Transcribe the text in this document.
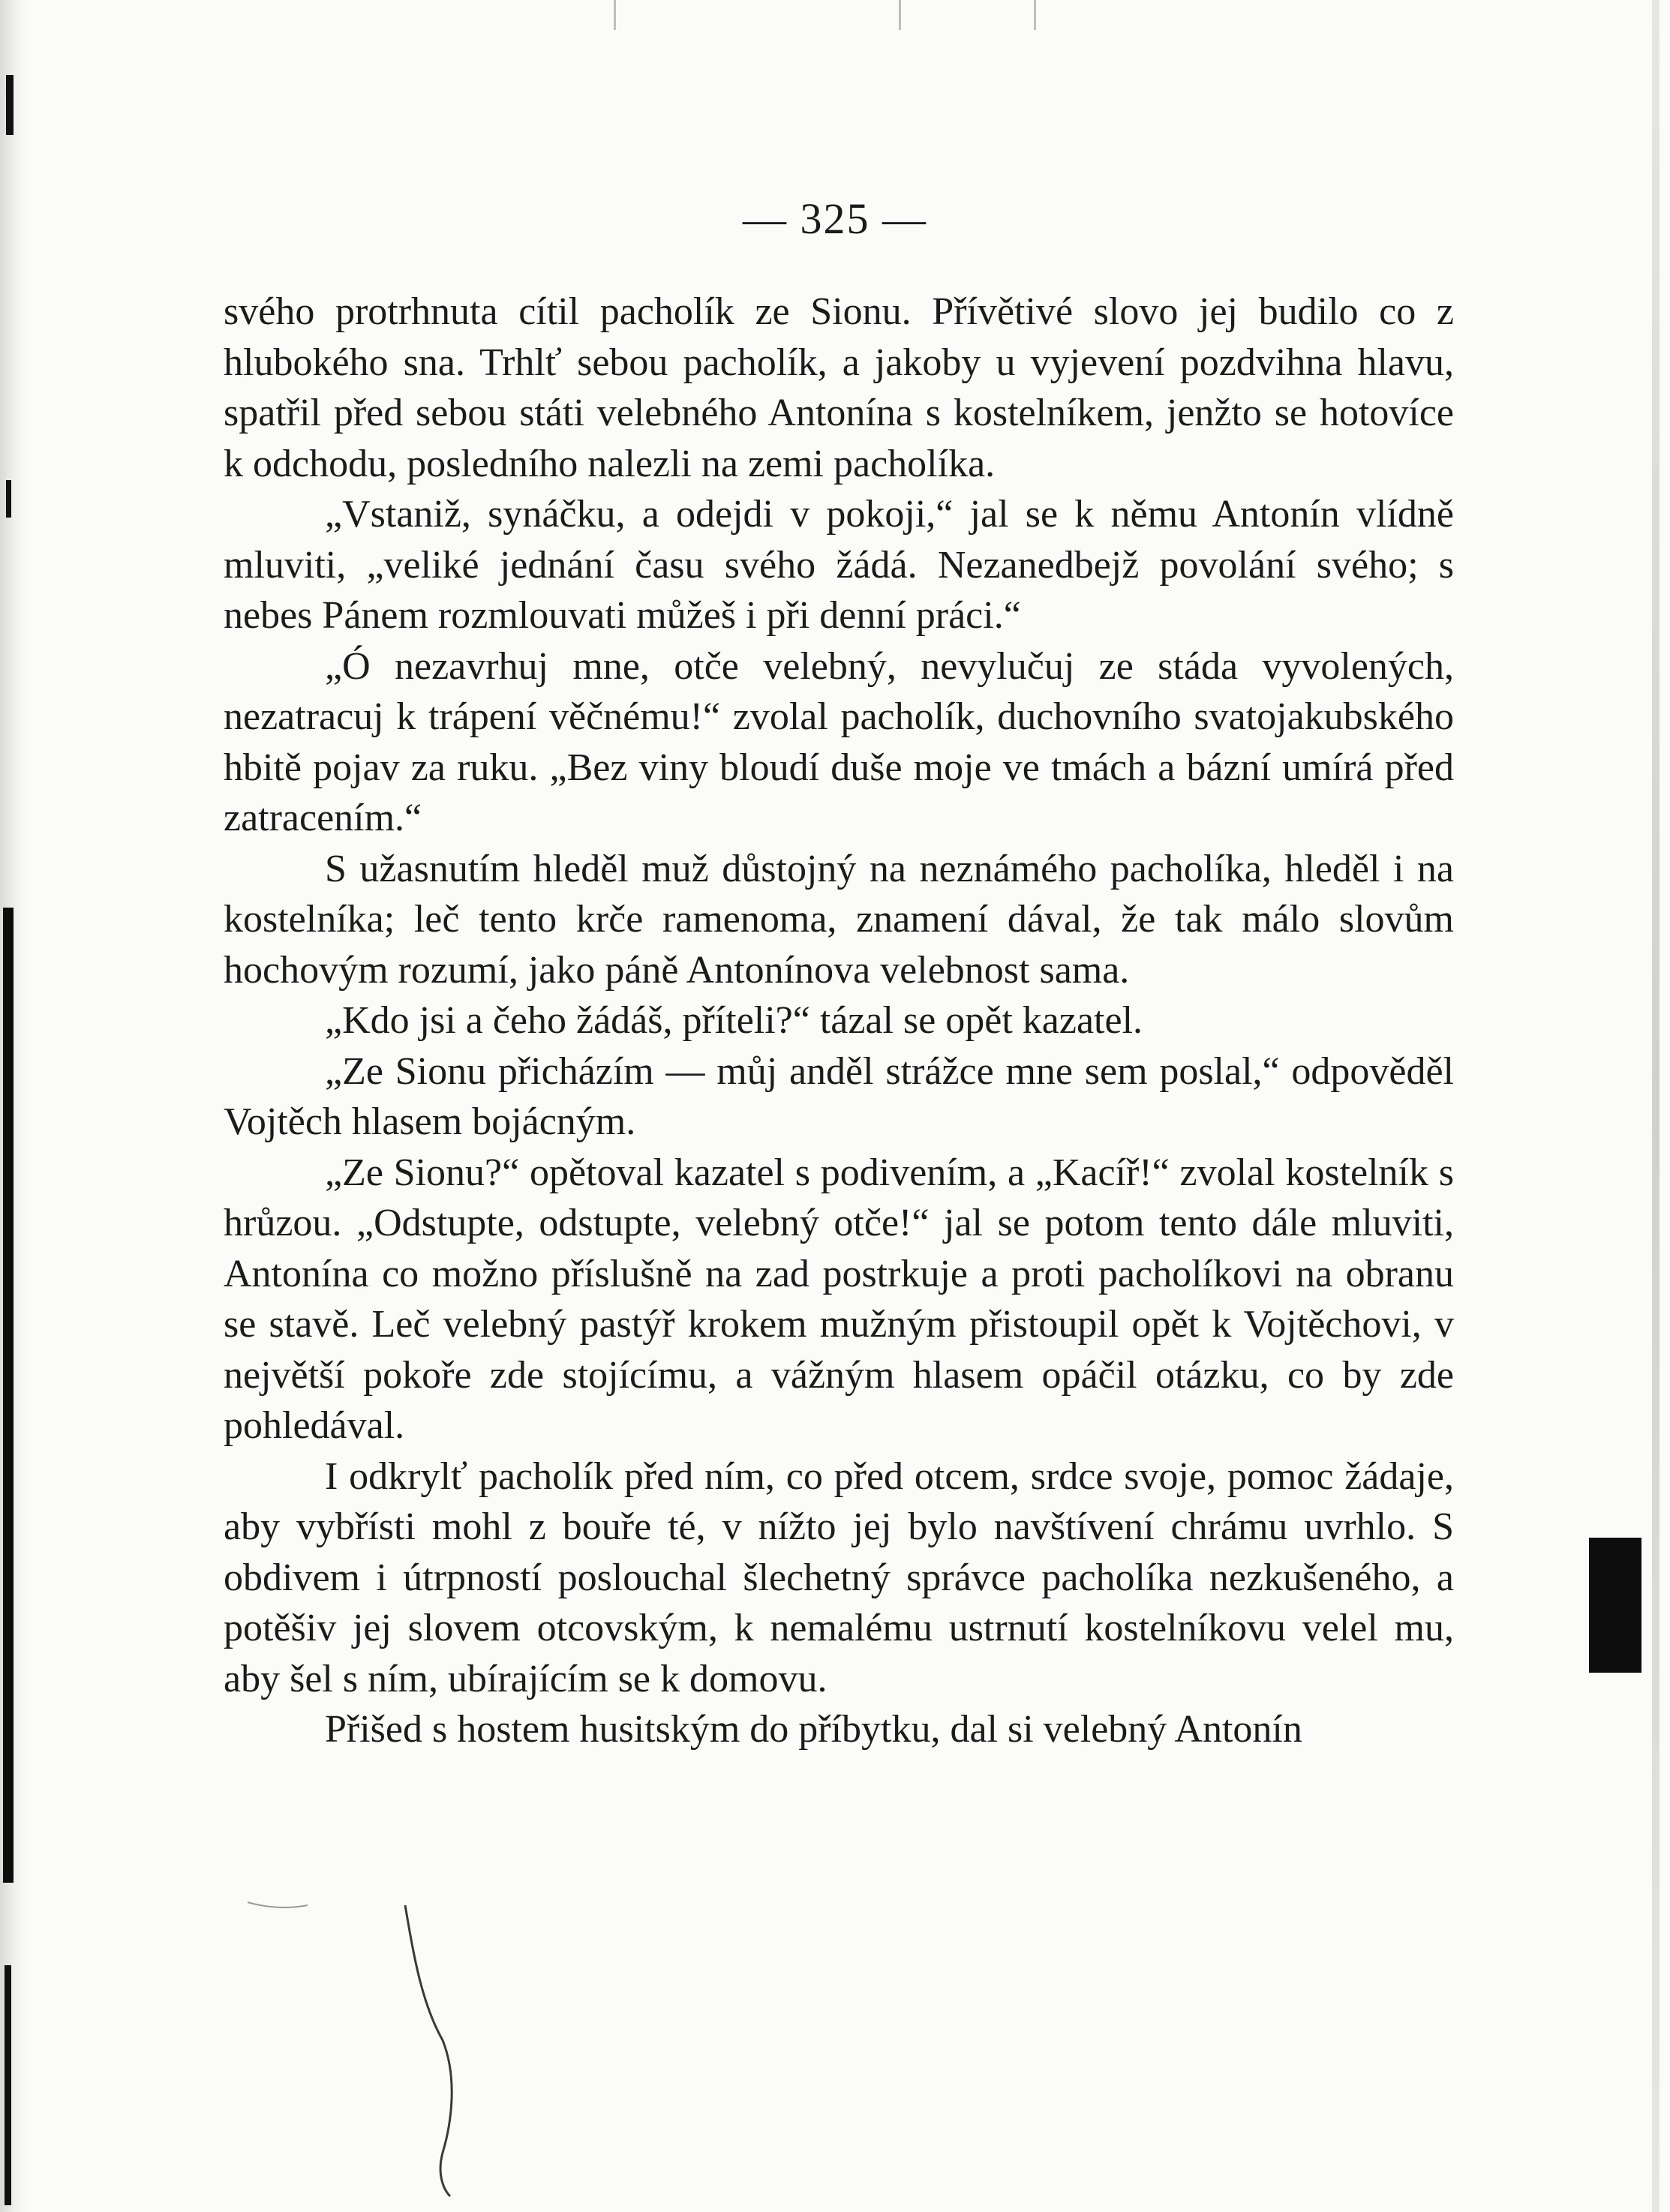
— 325 —

svého protrhnuta cítil pacholík ze Sionu. Přívětivé slovo jej budilo co z hlubokého sna. Trhlť sebou pacholík, a jakoby u vyjevení pozdvihna hlavu, spatřil před sebou státi velebného Antonína s kostelníkem, jenžto se hotovíce k odchodu, posledního nalezli na zemi pacholíka.

„Vstaniž, synáčku, a odejdi v pokoji,“ jal se k němu Antonín vlídně mluviti, „veliké jednání času svého žádá. Nezanedbejž povolání svého; s nebes Pánem rozmlouvati můžeš i při denní práci.“

„Ó nezavrhuj mne, otče velebný, nevylučuj ze stáda vyvolených, nezatracuj k trápení věčnému!“ zvolal pacholík, duchovního svatojakubského hbitě pojav za ruku. „Bez viny bloudí duše moje ve tmách a bázní umírá před zatracením.“

S užasnutím hleděl muž důstojný na neznámého pacholíka, hleděl i na kostelníka; leč tento krče ramenoma, znamení dával, že tak málo slovům hochovým rozumí, jako páně Antonínova velebnost sama.

„Kdo jsi a čeho žádáš, příteli?“ tázal se opět kazatel.

„Ze Sionu přicházím — můj anděl strážce mne sem poslal,“ odpověděl Vojtěch hlasem bojácným.

„Ze Sionu?“ opětoval kazatel s podivením, a „Kacíř!“ zvolal kostelník s hrůzou. „Odstupte, odstupte, velebný otče!“ jal se potom tento dále mluviti, Antonína co možno příslušně na zad postrkuje a proti pacholíkovi na obranu se stavě. Leč velebný pastýř krokem mužným přistoupil opět k Vojtěchovi, v největší pokoře zde stojícímu, a vážným hlasem opáčil otázku, co by zde pohledával.

I odkrylť pacholík před ním, co před otcem, srdce svoje, pomoc žádaje, aby vybřísti mohl z bouře té, v nížto jej bylo navštívení chrámu uvrhlo. S obdivem i útrpností poslouchal šlechetný správce pacholíka nezkušeného, a potěšiv jej slovem otcovským, k nemalému ustrnutí kostelníkovu velel mu, aby šel s ním, ubírajícím se k domovu.

Přišed s hostem husitským do příbytku, dal si velebný Antonín
